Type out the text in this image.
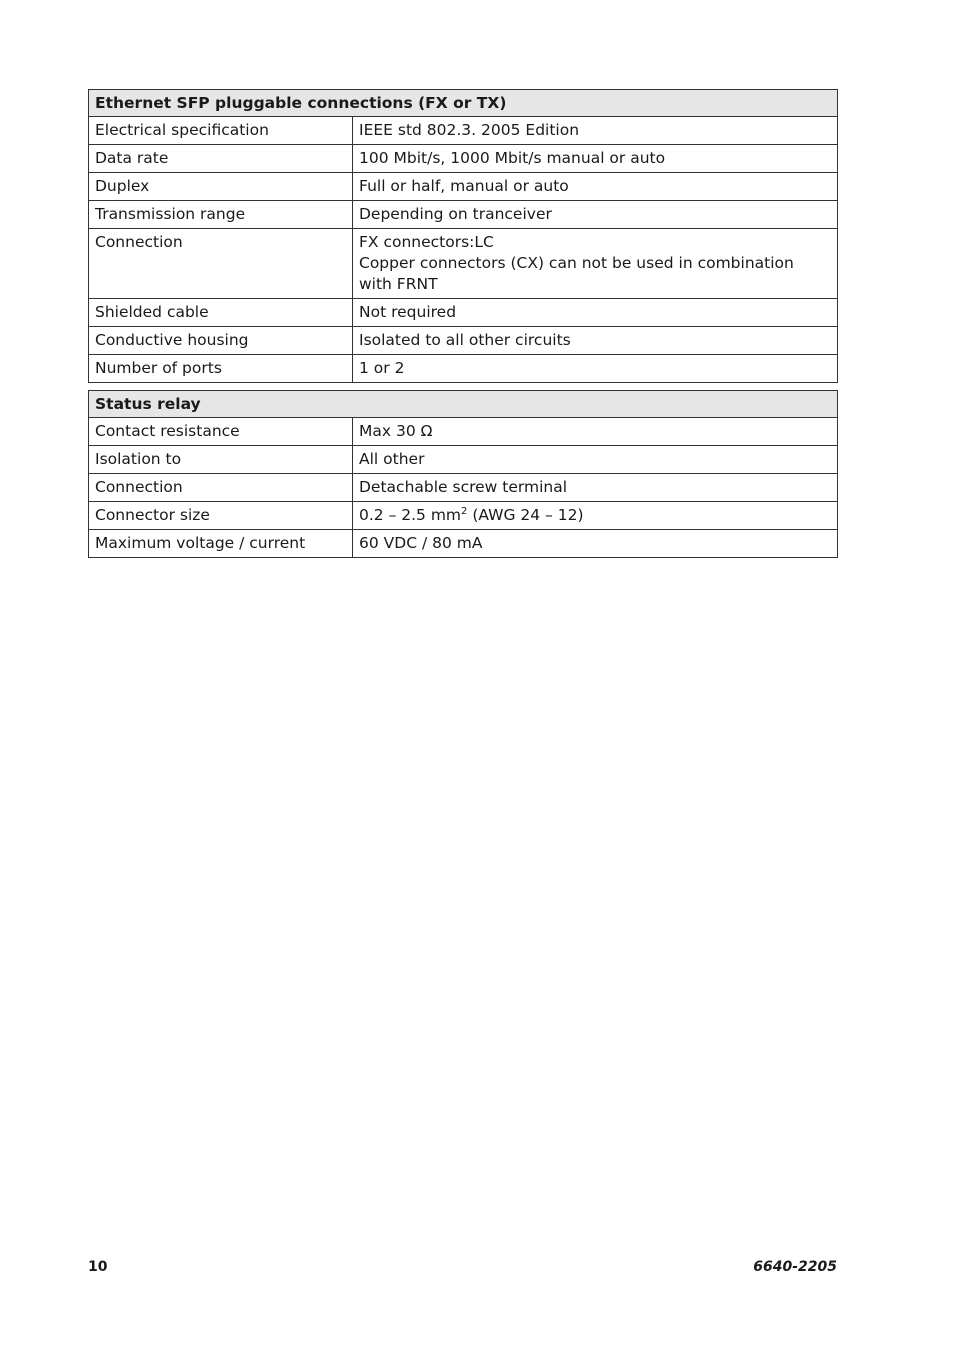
Ethernet SFP pluggable connections (FX or TX)	
Electrical specification	IEEE std 802.3. 2005 Edition
Data rate	100 Mbit/s, 1000 Mbit/s manual or auto
Duplex	Full or half, manual or auto
Transmission range	Depending on tranceiver
Connection	FX connectors:LC
Copper connectors (CX) can not be used in combination with FRNT

Shielded cable	Not required
Conductive housing	Isolated to all other circuits
Number of ports	1 or 2
Status relay	
Contact resistance	Max 30 Ω
Isolation to	All other
Connection	Detachable screw terminal
Connector size	0.2 – 2.5 $mm^2$ (AWG 24 – 12)
Maximum voltage / current	60 VDC / 80 mA
10	6640-2205
